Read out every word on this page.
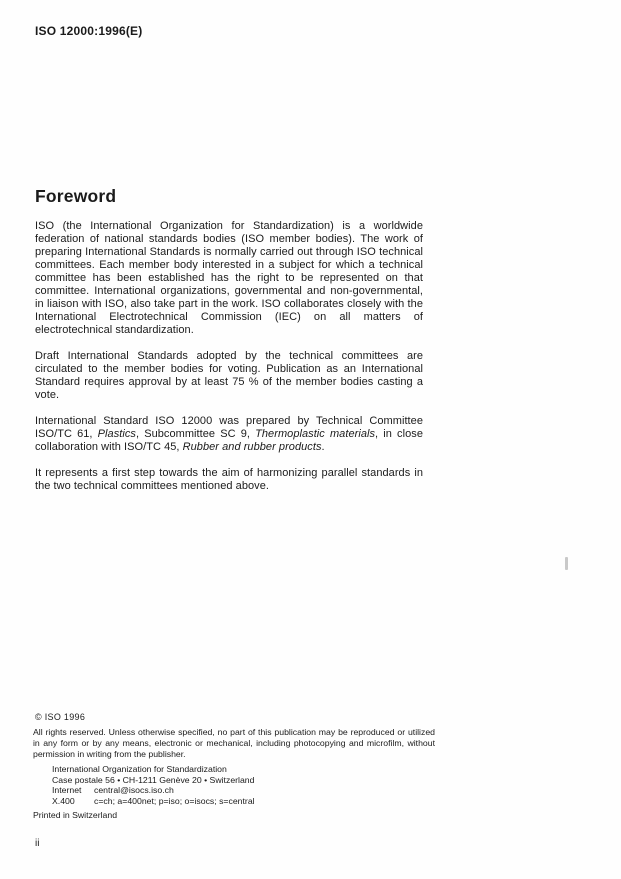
ISO 12000:1996(E)
Foreword

ISO (the International Organization for Standardization) is a worldwide federation of national standards bodies (ISO member bodies). The work of preparing International Standards is normally carried out through ISO technical committees. Each member body interested in a subject for which a technical committee has been established has the right to be represented on that committee. International organizations, governmental and non-governmental, in liaison with ISO, also take part in the work. ISO collaborates closely with the International Electrotechnical Commission (IEC) on all matters of electrotechnical standardization.

Draft International Standards adopted by the technical committees are circulated to the member bodies for voting. Publication as an International Standard requires approval by at least 75 % of the member bodies casting a vote.

International Standard ISO 12000 was prepared by Technical Committee ISO/TC 61, Plastics, Subcommittee SC 9, Thermoplastic materials, in close collaboration with ISO/TC 45, Rubber and rubber products.

It represents a first step towards the aim of harmonizing parallel standards in the two technical committees mentioned above.

© ISO 1996
All rights reserved. Unless otherwise specified, no part of this publication may be reproduced or utilized in any form or by any means, electronic or mechanical, including photocopying and microfilm, without permission in writing from the publisher.
International Organization for Standardization
Case postale 56 • CH-1211 Genève 20 • Switzerland
Internet	central@isocs.iso.ch
X.400	c=ch; a=400net; p=iso; o=isocs; s=central
Printed in Switzerland
ii
